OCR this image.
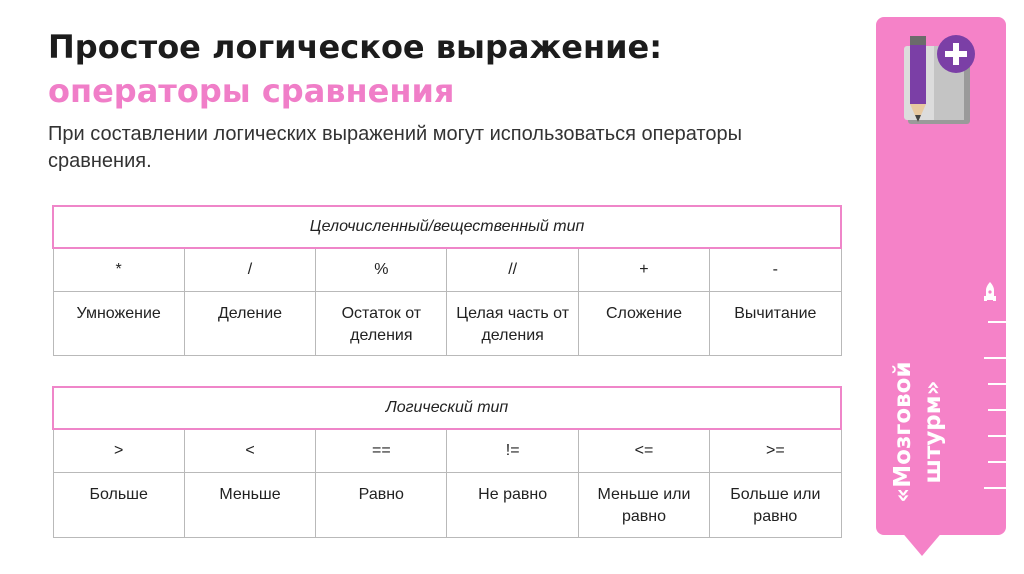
Простое логическое выражение:
операторы сравнения

При составлении логических выражений могут использоваться операторы сравнения.

Целочисленный/вещественный тип					
*	/	%	//	+	-
Умножение	Деление	Остаток от деления	Целая часть от деления	Сложение	Вычитание
Логический тип					
>	<	==	!=	<=	>=
Больше	Меньше	Равно	Не равно	Меньше или равно	Больше или равно
«Мозговой штурм»
